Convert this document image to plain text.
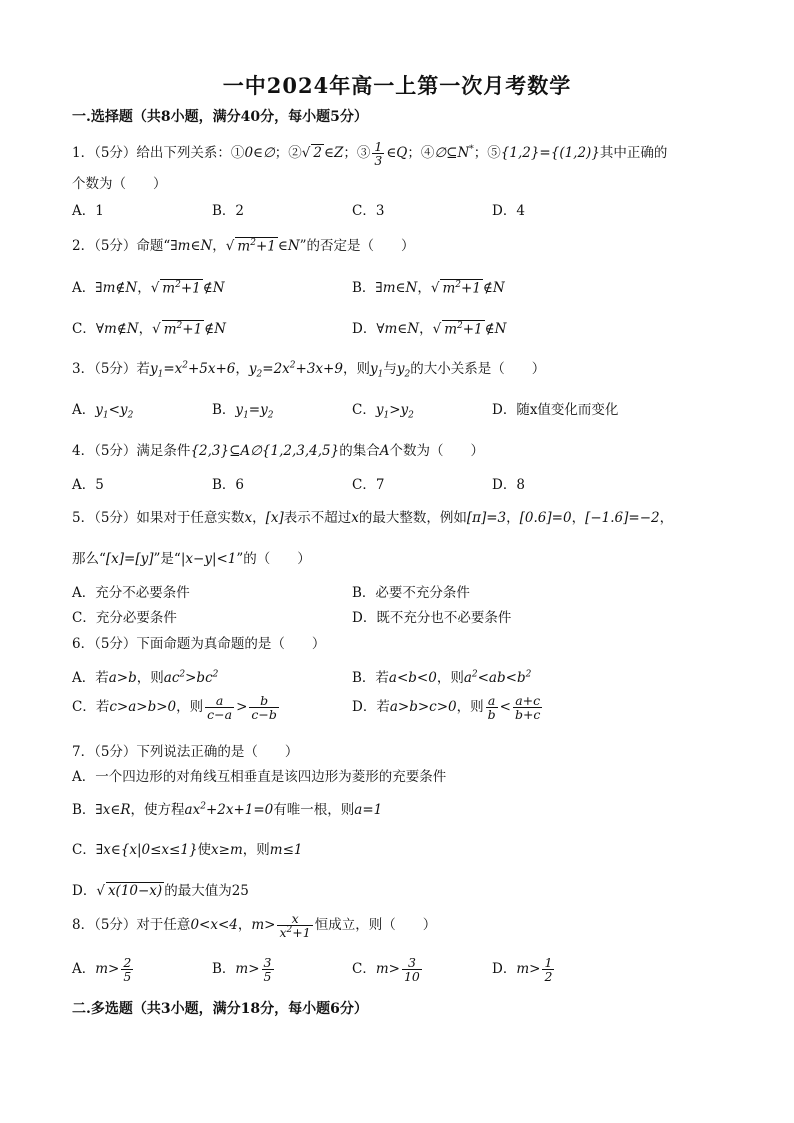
一中2024年高一上第一次月考数学
一.选择题（共8小题，满分40分，每小题5分）
1．（5分）给出下列关系：①0∈∅；②√ 2 ∈Z；③ $\frac{1}{3}$ ∈Q；④∅⊆N*；⑤{1,2}={(1,2)}其中正确的
个数为（　　）
A．1	B．2	C．3	D．4
2．（5分）命题“∃m∈N，√ $m^2+1$ ∈N”的否定是（　　）
A．∃m∉N，√ $m^2+1$ ∉N	B．∃m∈N，√ $m^2+1$ ∉N
C．∀m∉N，√ $m^2+1$ ∉N	D．∀m∈N，√ $m^2+1$ ∉N
3．（5分）若$y_1=x^2+5x+6$，$y_2=2x^2+3x+9$，则$y_1$与$y_2$的大小关系是（　　）
A．$y_1<y_2$	B．$y_1=y_2$	C．$y_1>y_2$	D．随x值变化而变化
4．（5分）满足条件{2,3}⊆A∅{1,2,3,4,5}的集合A个数为（　　）
A．5	B．6	C．7	D．8
5．（5分）如果对于任意实数x，[x]表示不超过x的最大整数，例如[π]=3，[0.6]=0，[−1.6]=−2，
那么“[x]=[y]”是“|x−y|<1”的（　　）
A．充分不必要条件	B．必要不充分条件
C．充分必要条件	D．既不充分也不必要条件
6．（5分）下面命题为真命题的是（　　）
A．若a>b，则$ac^2>bc^2$	B．若a<b<0，则$a^2<ab<b^2$
C．若c>a>b>0，则 $\frac{a}{c-a} > \frac{b}{c-b}$	D．若a>b>c>0，则 $\frac{a}{b} < \frac{a+c}{b+c}$
7．（5分）下列说法正确的是（　　）
A．一个四边形的对角线互相垂直是该四边形为菱形的充要条件
B．∃x∈R，使方程$ax^2+2x+1=0$有唯一根，则a=1
C．∃x∈{x|0≤x≤1}使x≥m，则m≤1
D．√ x(10−x) 的最大值为25
8．（5分）对于任意0<x<4，$m> \frac{x}{x^2+1}$ 恒成立，则（　　）
A．$m> \frac{2}{5}$	B．$m> \frac{3}{5}$	C．$m> \frac{3}{10}$	D．$m> \frac{1}{2}$
二.多选题（共3小题，满分18分，每小题6分）
